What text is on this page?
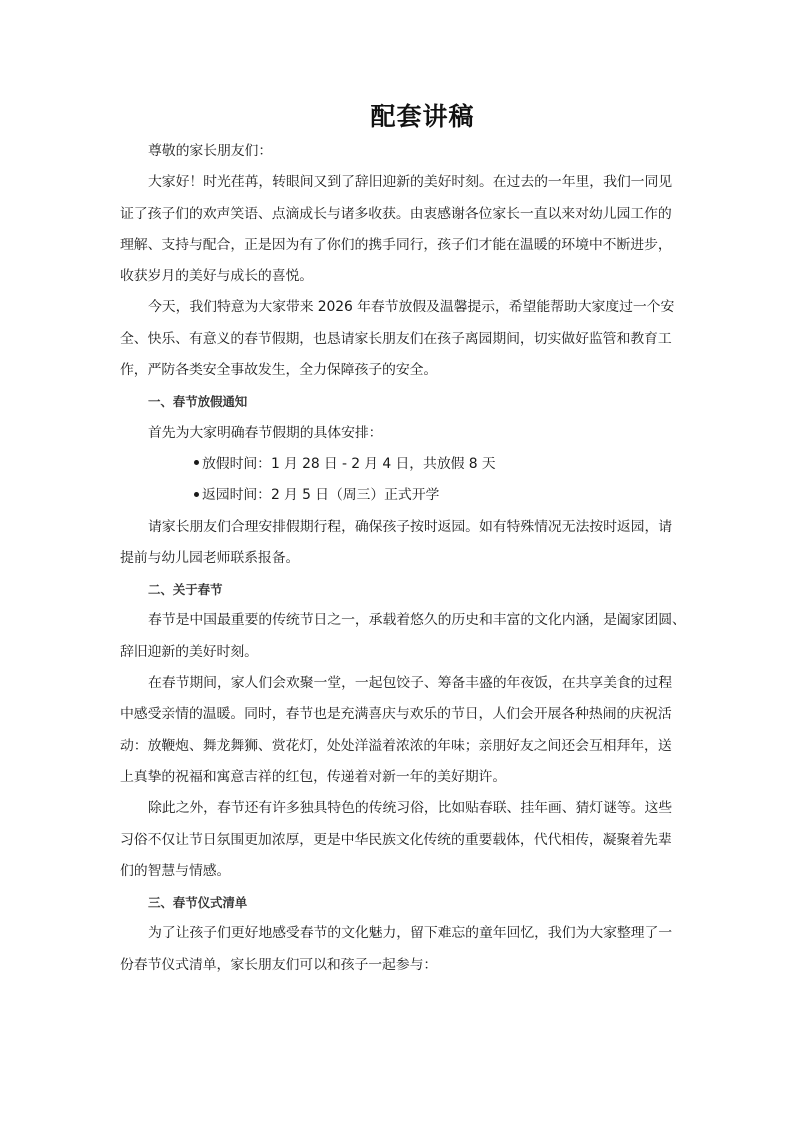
配套讲稿
尊敬的家长朋友们：
大家好！时光荏苒，转眼间又到了辞旧迎新的美好时刻。在过去的一年里，我们一同见
证了孩子们的欢声笑语、点滴成长与诸多收获。由衷感谢各位家长一直以来对幼儿园工作的
理解、支持与配合，正是因为有了你们的携手同行，孩子们才能在温暖的环境中不断进步，
收获岁月的美好与成长的喜悦。
今天，我们特意为大家带来 2026 年春节放假及温馨提示，希望能帮助大家度过一个安
全、快乐、有意义的春节假期，也恳请家长朋友们在孩子离园期间，切实做好监管和教育工
作，严防各类安全事故发生，全力保障孩子的安全。
一、春节放假通知
首先为大家明确春节假期的具体安排：
放假时间：1 月 28 日 - 2 月 4 日，共放假 8 天
返园时间：2 月 5 日（周三）正式开学
请家长朋友们合理安排假期行程，确保孩子按时返园。如有特殊情况无法按时返园，请
提前与幼儿园老师联系报备。
二、关于春节
春节是中国最重要的传统节日之一，承载着悠久的历史和丰富的文化内涵，是阖家团圆、
辞旧迎新的美好时刻。
在春节期间，家人们会欢聚一堂，一起包饺子、筹备丰盛的年夜饭，在共享美食的过程
中感受亲情的温暖。同时，春节也是充满喜庆与欢乐的节日，人们会开展各种热闹的庆祝活
动：放鞭炮、舞龙舞狮、赏花灯，处处洋溢着浓浓的年味；亲朋好友之间还会互相拜年，送
上真挚的祝福和寓意吉祥的红包，传递着对新一年的美好期许。
除此之外，春节还有许多独具特色的传统习俗，比如贴春联、挂年画、猜灯谜等。这些
习俗不仅让节日氛围更加浓厚，更是中华民族文化传统的重要载体，代代相传，凝聚着先辈
们的智慧与情感。
三、春节仪式清单
为了让孩子们更好地感受春节的文化魅力，留下难忘的童年回忆，我们为大家整理了一
份春节仪式清单，家长朋友们可以和孩子一起参与：
